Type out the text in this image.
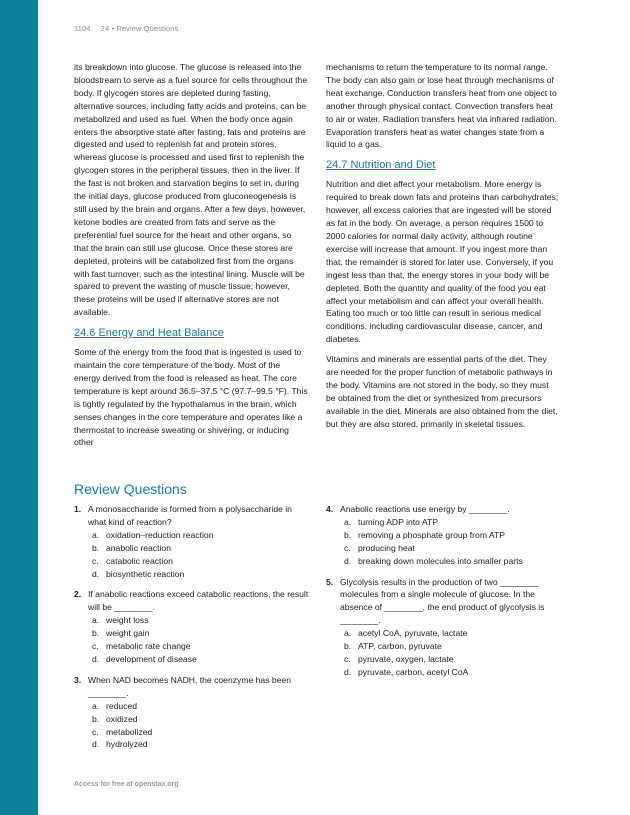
1104 24 • Review Questions

its breakdown into glucose. The glucose is released into the bloodstream to serve as a fuel source for cells throughout the body. If glycogen stores are depleted during fasting, alternative sources, including fatty acids and proteins, can be metabolized and used as fuel. When the body once again enters the absorptive state after fasting, fats and proteins are digested and used to replenish fat and protein stores, whereas glucose is processed and used first to replenish the glycogen stores in the peripheral tissues, then in the liver. If the fast is not broken and starvation begins to set in, during the initial days, glucose produced from gluconeogenesis is still used by the brain and organs. After a few days, however, ketone bodies are created from fats and serve as the preferential fuel source for the heart and other organs, so that the brain can still use glucose. Once these stores are depleted, proteins will be catabolized first from the organs with fast turnover, such as the intestinal lining. Muscle will be spared to prevent the wasting of muscle tissue; however, these proteins will be used if alternative stores are not available.

24.6 Energy and Heat Balance

Some of the energy from the food that is ingested is used to maintain the core temperature of the body. Most of the energy derived from the food is released as heat. The core temperature is kept around 36.5–37.5 °C (97.7–99.5 °F). This is tightly regulated by the hypothalamus in the brain, which senses changes in the core temperature and operates like a thermostat to increase sweating or shivering, or inducing other

mechanisms to return the temperature to its normal range. The body can also gain or lose heat through mechanisms of heat exchange. Conduction transfers heat from one object to another through physical contact. Convection transfers heat to air or water. Radiation transfers heat via infrared radiation. Evaporation transfers heat as water changes state from a liquid to a gas.

24.7 Nutrition and Diet

Nutrition and diet affect your metabolism. More energy is required to break down fats and proteins than carbohydrates; however, all excess calories that are ingested will be stored as fat in the body. On average, a person requires 1500 to 2000 calories for normal daily activity, although routine exercise will increase that amount. If you ingest more than that, the remainder is stored for later use. Conversely, if you ingest less than that, the energy stores in your body will be depleted. Both the quantity and quality of the food you eat affect your metabolism and can affect your overall health. Eating too much or too little can result in serious medical conditions, including cardiovascular disease, cancer, and diabetes.

Vitamins and minerals are essential parts of the diet. They are needed for the proper function of metabolic pathways in the body. Vitamins are not stored in the body, so they must be obtained from the diet or synthesized from precursors available in the diet. Minerals are also obtained from the diet, but they are also stored, primarily in skeletal tissues.

Review Questions
1. A monosaccharide is formed from a polysaccharide in what kind of reaction?
a. oxidation–reduction reaction
b. anabolic reaction
c. catabolic reaction
d. biosynthetic reaction
2. If anabolic reactions exceed catabolic reactions, the result will be ________.
a. weight loss
b. weight gain
c. metabolic rate change
d. development of disease
3. When NAD becomes NADH, the coenzyme has been ________.
a. reduced
b. oxidized
c. metabolized
d. hydrolyzed
4. Anabolic reactions use energy by ________.
a. turning ADP into ATP
b. removing a phosphate group from ATP
c. producing heat
d. breaking down molecules into smaller parts
5. Glycolysis results in the production of two ________ molecules from a single molecule of glucose. In the absence of ________, the end product of glycolysis is ________.
a. acetyl CoA, pyruvate, lactate
b. ATP, carbon, pyruvate
c. pyruvate, oxygen, lactate
d. pyruvate, carbon, acetyl CoA
Access for free at openstax.org
